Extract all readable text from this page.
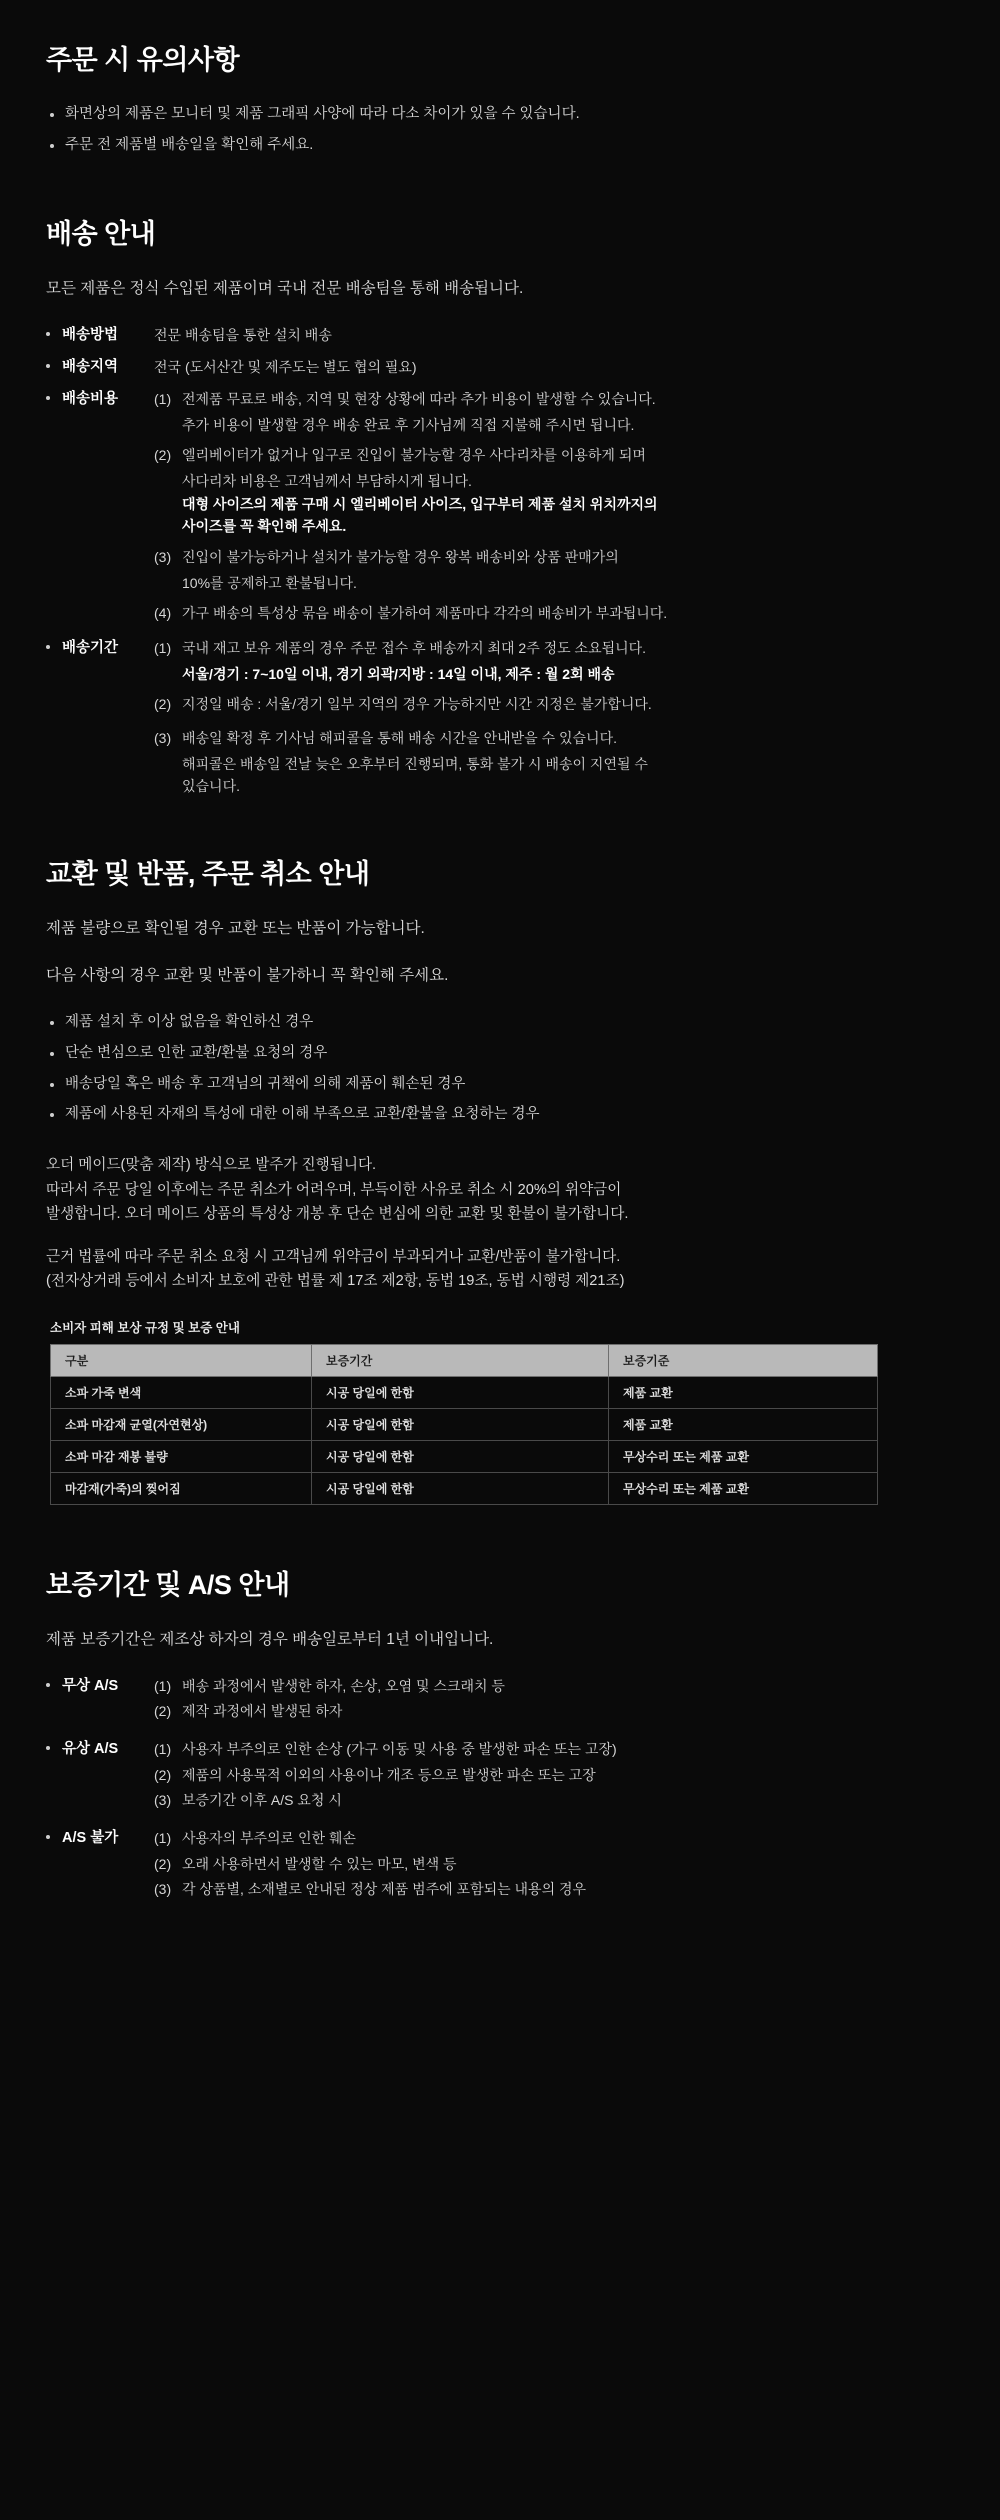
주문 시 유의사항
화면상의 제품은 모니터 및 제품 그래픽 사양에 따라 다소 차이가 있을 수 있습니다.
주문 전 제품별 배송일을 확인해 주세요.
배송 안내

모든 제품은 정식 수입된 제품이며 국내 전문 배송팀을 통해 배송됩니다.

배송방법	전문 배송팀을 통한 설치 배송
배송지역	전국 (도서산간 및 제주도는 별도 협의 필요)
배송비용	(1) 전제품 무료로 배송, 지역 및 현장 상황에 따라 추가 비용이 발생할 수 있습니다.
추가 비용이 발생할 경우 배송 완료 후 기사님께 직접 지불해 주시면 됩니다.
(2) 엘리베이터가 없거나 입구로 진입이 불가능할 경우 사다리차를 이용하게 되며
사다리차 비용은 고객님께서 부담하시게 됩니다.
대형 사이즈의 제품 구매 시 엘리베이터 사이즈, 입구부터 제품 설치 위치까지의
사이즈를 꼭 확인해 주세요.
(3) 진입이 불가능하거나 설치가 불가능할 경우 왕복 배송비와 상품 판매가의
10%를 공제하고 환불됩니다.
(4) 가구 배송의 특성상 묶음 배송이 불가하여 제품마다 각각의 배송비가 부과됩니다.
배송기간	(1) 국내 재고 보유 제품의 경우 주문 접수 후 배송까지 최대 2주 정도 소요됩니다.
서울/경기 : 7~10일 이내, 경기 외곽/지방 : 14일 이내, 제주 : 월 2회 배송
(2) 지정일 배송 : 서울/경기 일부 지역의 경우 가능하지만 시간 지정은 불가합니다.
(3) 배송일 확정 후 기사님 해피콜을 통해 배송 시간을 안내받을 수 있습니다.
해피콜은 배송일 전날 늦은 오후부터 진행되며, 통화 불가 시 배송이 지연될 수
있습니다.
교환 및 반품, 주문 취소 안내

제품 불량으로 확인될 경우 교환 또는 반품이 가능합니다.

다음 사항의 경우 교환 및 반품이 불가하니 꼭 확인해 주세요.

제품 설치 후 이상 없음을 확인하신 경우
단순 변심으로 인한 교환/환불 요청의 경우
배송당일 혹은 배송 후 고객님의 귀책에 의해 제품이 훼손된 경우
제품에 사용된 자재의 특성에 대한 이해 부족으로 교환/환불을 요청하는 경우

오더 메이드(맞춤 제작) 방식으로 발주가 진행됩니다.
따라서 주문 당일 이후에는 주문 취소가 어려우며, 부득이한 사유로 취소 시 20%의 위약금이
발생합니다. 오더 메이드 상품의 특성상 개봉 후 단순 변심에 의한 교환 및 환불이 불가합니다.

근거 법률에 따라 주문 취소 요청 시 고객님께 위약금이 부과되거나 교환/반품이 불가합니다.
(전자상거래 등에서 소비자 보호에 관한 법률 제 17조 제2항, 동법 19조, 동법 시행령 제21조)

소비자 피해 보상 규정 및 보증 안내
구분	보증기간	보증기준
소파 가죽 변색	시공 당일에 한함	제품 교환
소파 마감재 균열(자연현상)	시공 당일에 한함	제품 교환
소파 마감 재봉 불량	시공 당일에 한함	무상수리 또는 제품 교환
마감재(가죽)의 찢어짐	시공 당일에 한함	무상수리 또는 제품 교환
보증기간 및 A/S 안내

제품 보증기간은 제조상 하자의 경우 배송일로부터 1년 이내입니다.

무상 A/S	(1) 배송 과정에서 발생한 하자, 손상, 오염 및 스크래치 등
(2) 제작 과정에서 발생된 하자
유상 A/S	(1) 사용자 부주의로 인한 손상 (가구 이동 및 사용 중 발생한 파손 또는 고장)
(2) 제품의 사용목적 이외의 사용이나 개조 등으로 발생한 파손 또는 고장
(3) 보증기간 이후 A/S 요청 시
A/S 불가	(1) 사용자의 부주의로 인한 훼손
(2) 오래 사용하면서 발생할 수 있는 마모, 변색 등
(3) 각 상품별, 소재별로 안내된 정상 제품 범주에 포함되는 내용의 경우
